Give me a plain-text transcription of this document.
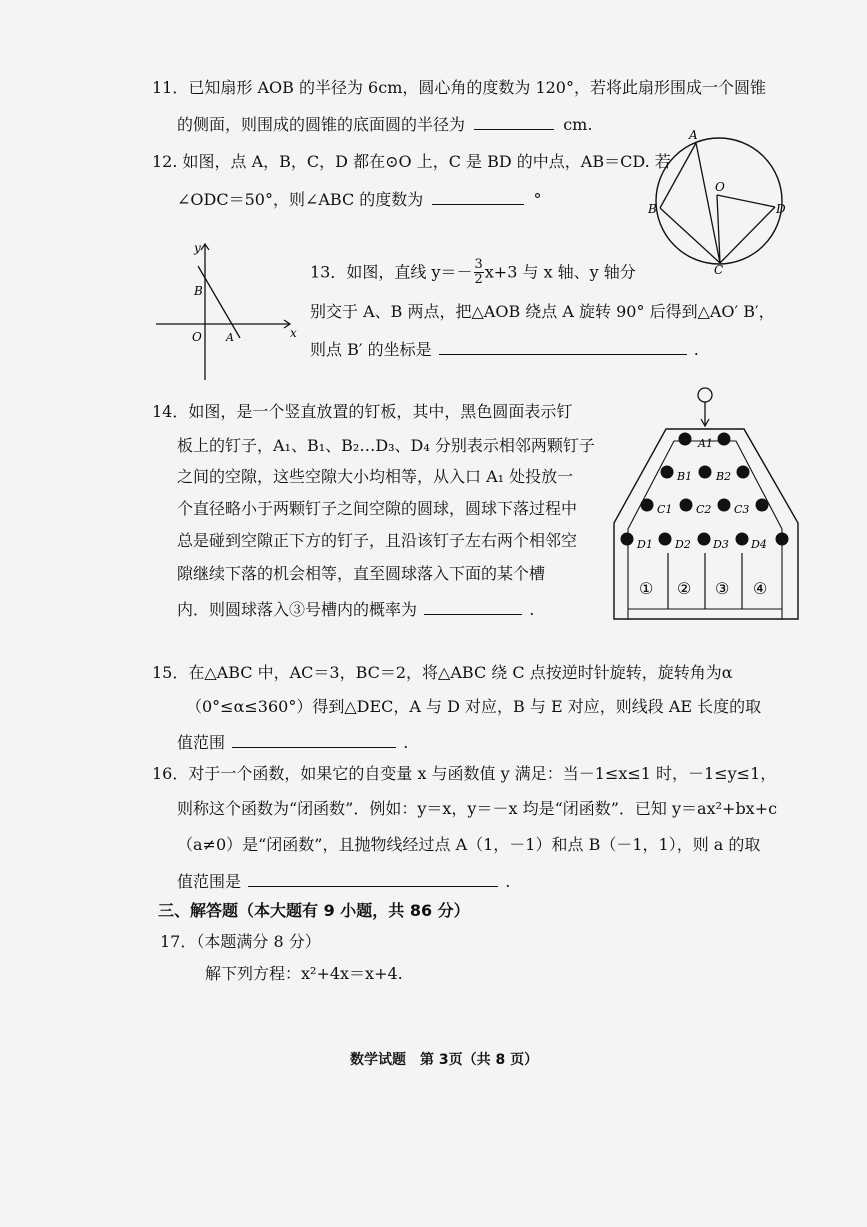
11．已知扇形 AOB 的半径为 6cm，圆心角的度数为 120°，若将此扇形围成一个圆锥
的侧面，则围成的圆锥的底面圆的半径为	cm.
12. 如图，点 A，B，C，D 都在⊙O 上，C 是 BD 的中点，AB＝CD. 若
∠ODC＝50°，则∠ABC 的度数为	°
A
B
O
D
C
y
x
O A
B
13．如图，直线 $y=- \frac{3}{2} x+3$ 与 x 轴、y 轴分
别交于 A、B 两点，把△AOB 绕点 A 旋转 90° 后得到△AO′ B′，
则点 B′ 的坐标是	.
14．如图，是一个竖直放置的钉板，其中，黑色圆面表示钉
板上的钉子，A₁、B₁、B₂…D₃、D₄ 分别表示相邻两颗钉子
之间的空隙，这些空隙大小均相等，从入口 A₁ 处投放一
个直径略小于两颗钉子之间空隙的圆球，圆球下落过程中
总是碰到空隙正下方的钉子，且沿该钉子左右两个相邻空
隙继续下落的机会相等，直至圆球落入下面的某个槽
内．则圆球落入③号槽内的概率为	.
A1
B1 B2
C1 C2 C3
D1 D2 D3 D4
① ② ③ ④
15．在△ABC 中，AC＝3，BC＝2，将△ABC 绕 C 点按逆时针旋转，旋转角为α
（0°≤α≤360°）得到△DEC，A 与 D 对应，B 与 E 对应，则线段 AE 长度的取
值范围	.
16．对于一个函数，如果它的自变量 x 与函数值 y 满足：当－1≤x≤1 时，－1≤y≤1，
则称这个函数为“闭函数”．例如：y＝x，y＝－x 均是“闭函数”．已知 y＝ax²+bx+c
（a≠0）是“闭函数”，且抛物线经过点 A（1，－1）和点 B（－1，1），则 a 的取
值范围是	.
三、解答题（本大题有 9 小题，共 86 分）
17．（本题满分 8 分）
解下列方程：x²+4x＝x+4.
数学试题　第 3页（共 8 页）
